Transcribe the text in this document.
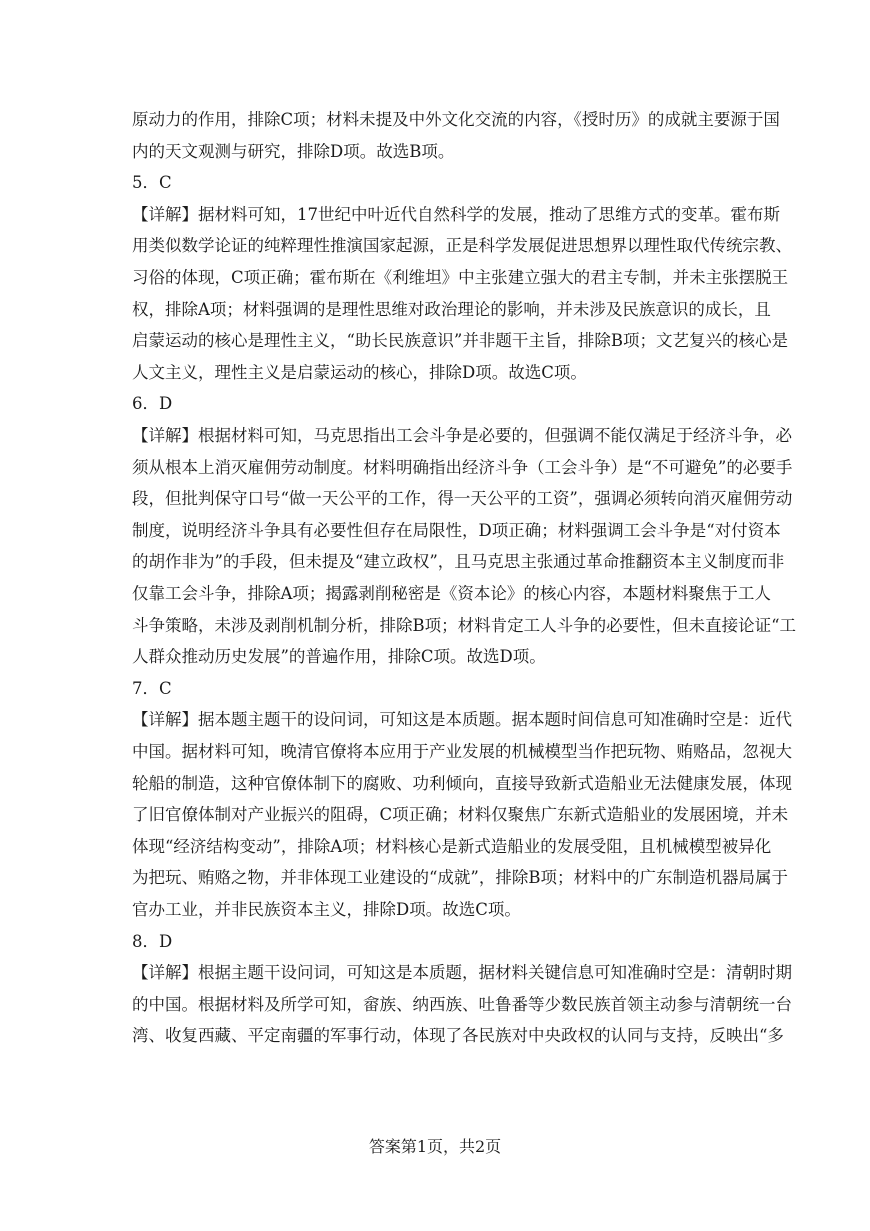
原动力的作用，排除C项；材料未提及中外文化交流的内容，《授时历》的成就主要源于国
内的天文观测与研究，排除D项。故选B项。
5．C
【详解】据材料可知，17世纪中叶近代自然科学的发展，推动了思维方式的变革。霍布斯
用类似数学论证的纯粹理性推演国家起源，正是科学发展促进思想界以理性取代传统宗教、
习俗的体现，C项正确；霍布斯在《利维坦》中主张建立强大的君主专制，并未主张摆脱王
权，排除A项；材料强调的是理性思维对政治理论的影响，并未涉及民族意识的成长，且
启蒙运动的核心是理性主义，“助长民族意识”并非题干主旨，排除B项；文艺复兴的核心是
人文主义，理性主义是启蒙运动的核心，排除D项。故选C项。
6．D
【详解】根据材料可知，马克思指出工会斗争是必要的，但强调不能仅满足于经济斗争，必
须从根本上消灭雇佣劳动制度。材料明确指出经济斗争（工会斗争）是“不可避免”的必要手
段，但批判保守口号“做一天公平的工作，得一天公平的工资”，强调必须转向消灭雇佣劳动
制度，说明经济斗争具有必要性但存在局限性，D项正确；材料强调工会斗争是“对付资本
的胡作非为”的手段，但未提及“建立政权”，且马克思主张通过革命推翻资本主义制度而非
仅靠工会斗争，排除A项；揭露剥削秘密是《资本论》的核心内容，本题材料聚焦于工人
斗争策略，未涉及剥削机制分析，排除B项；材料肯定工人斗争的必要性，但未直接论证“工
人群众推动历史发展”的普遍作用，排除C项。故选D项。
7．C
【详解】据本题主题干的设问词，可知这是本质题。据本题时间信息可知准确时空是：近代
中国。据材料可知，晚清官僚将本应用于产业发展的机械模型当作把玩物、贿赂品，忽视大
轮船的制造，这种官僚体制下的腐败、功利倾向，直接导致新式造船业无法健康发展，体现
了旧官僚体制对产业振兴的阻碍，C项正确；材料仅聚焦广东新式造船业的发展困境，并未
体现“经济结构变动”，排除A项；材料核心是新式造船业的发展受阻，且机械模型被异化
为把玩、贿赂之物，并非体现工业建设的“成就”，排除B项；材料中的广东制造机器局属于
官办工业，并非民族资本主义，排除D项。故选C项。
8．D
【详解】根据主题干设问词，可知这是本质题，据材料关键信息可知准确时空是：清朝时期
的中国。根据材料及所学可知，畲族、纳西族、吐鲁番等少数民族首领主动参与清朝统一台
湾、收复西藏、平定南疆的军事行动，体现了各民族对中央政权的认同与支持，反映出“多
答案第1页，共2页
